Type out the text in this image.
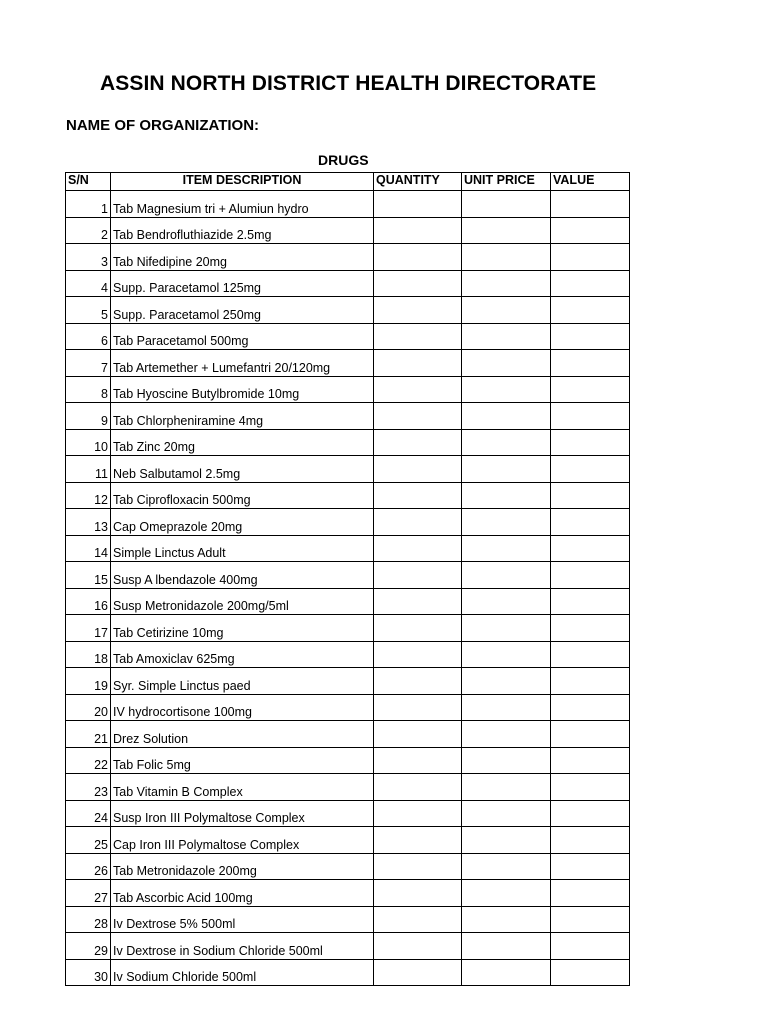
ASSIN NORTH DISTRICT HEALTH DIRECTORATE
NAME OF ORGANIZATION:
DRUGS
S/N	ITEM DESCRIPTION	QUANTITY	UNIT PRICE	VALUE
1	Tab Magnesium tri + Alumiun hydro			
2	Tab Bendrofluthiazide 2.5mg			
3	Tab Nifedipine 20mg			
4	Supp. Paracetamol 125mg			
5	Supp. Paracetamol 250mg			
6	Tab Paracetamol 500mg			
7	Tab Artemether + Lumefantri 20/120mg			
8	Tab Hyoscine Butylbromide 10mg			
9	Tab Chlorpheniramine 4mg			
10	Tab Zinc 20mg			
11	Neb Salbutamol 2.5mg			
12	Tab Ciprofloxacin 500mg			
13	Cap Omeprazole 20mg			
14	Simple Linctus Adult			
15	Susp A lbendazole 400mg			
16	Susp Metronidazole 200mg/5ml			
17	Tab Cetirizine 10mg			
18	Tab Amoxiclav 625mg			
19	Syr. Simple Linctus paed			
20	IV hydrocortisone 100mg			
21	Drez Solution			
22	Tab Folic 5mg			
23	Tab Vitamin B Complex			
24	Susp Iron III Polymaltose Complex			
25	Cap Iron III Polymaltose Complex			
26	Tab Metronidazole 200mg			
27	Tab Ascorbic Acid 100mg			
28	Iv Dextrose 5% 500ml			
29	Iv Dextrose in Sodium Chloride 500ml			
30	Iv Sodium Chloride 500ml			
